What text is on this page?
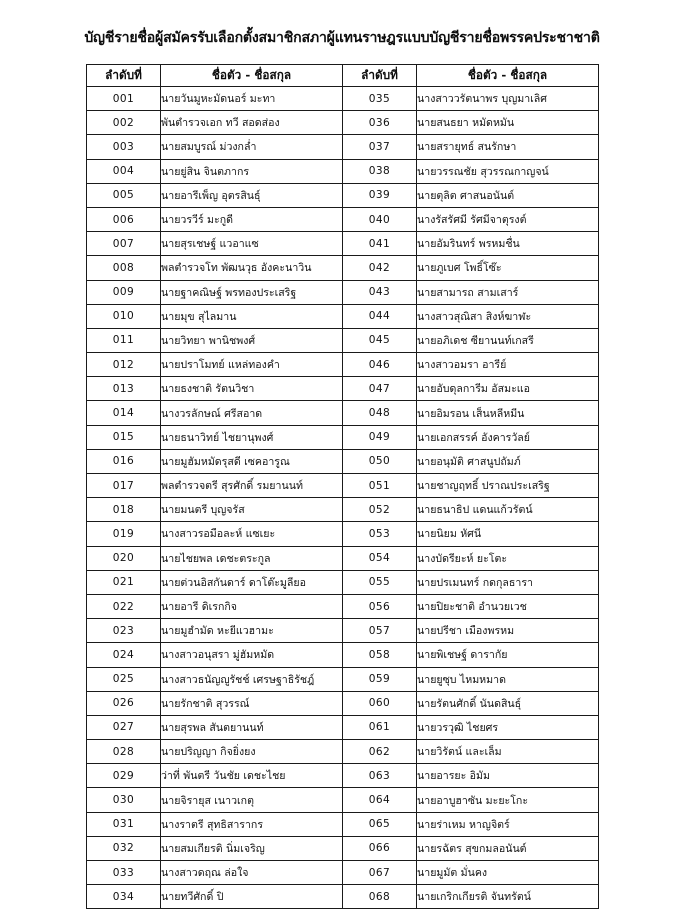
บัญชีรายชื่อผู้สมัครรับเลือกตั้งสมาชิกสภาผู้แทนราษฎรแบบบัญชีรายชื่อพรรคประชาชาติ
ลำดับที่	ชื่อตัว - ชื่อสกุล	ลำดับที่	ชื่อตัว - ชื่อสกุล
001	นายวันมูหะมัดนอร์ มะทา	035	นางสาววรัตนาพร บุญมาเลิศ
002	พันตำรวจเอก ทวี สอดส่อง	036	นายสนธยา หมัดหมัน
003	นายสมบูรณ์ ม่วงกล่ำ	037	นายสรายุทธ์ สนรักษา
004	นายยู่สิน จินตภากร	038	นายวรรณชัย สุวรรณกาญจน์
005	นายอารีเพ็ญ อุตรสินธุ์	039	นายตุลิต ศาสนอนันต์
006	นายวรวีร์ มะกูดี	040	นางรัสรัศมี รัศมีจาตุรงต์
007	นายสุรเชษฐ์ แวอาแซ	041	นายอัมรินทร์ พรหมชื่น
008	พลตำรวจโท พัฒนวุธ อังคะนาวิน	042	นายภูเบศ โพธิ์โซ๊ะ
009	นายฐาคณิษฐ์ พรทองประเสริฐ	043	นายสามารถ สามเสาร์
010	นายมุข สุไลมาน	044	นางสาวสุณิสา สิงห์ฆาฬะ
011	นายวิทยา พานิชพงศ์	045	นายอภิเดช ซียานนท์เกสรี
012	นายปราโมทย์ แหล่ทองคำ	046	นางสาวอมรา อารีย์
013	นายธงชาติ รัตนวิชา	047	นายอับดุลการีม อัสมะแอ
014	นางวรลักษณ์ ศรีสอาด	048	นายอิมรอน เส็นหลีหมีน
015	นายธนาวิทย์ ไชยานุพงศ์	049	นายเอกสรรค์ อังคารวัลย์
016	นายมูฮัมหมัดรุสดี เซคอารูณ	050	นายอนุมัติ ศาสนูปถัมภ์
017	พลตำรวจตรี สุรศักดิ์ รมยานนท์	051	นายชาญฤทธิ์ ปราณประเสริฐ
018	นายมนตรี บุญจรัส	052	นายธนาธิป แดนแก้วรัตน์
019	นางสาวรอมือละห์ แซเยะ	053	นายนิยม หัศนี
020	นายไชยพล เดชะตระกูล	054	นางบัดรียะห์ ยะโตะ
021	นายต่วนอิสกันดาร์ ดาโต๊ะมูลียอ	055	นายปรเมนทร์ กดกุลธารา
022	นายอารี ดิเรกกิจ	056	นายปิยะชาติ อำนวยเวช
023	นายมูฮำมัด หะยีแวฮามะ	057	นายปรีชา เมืองพรหม
024	นางสาวอนุสรา มู่ฮัมหมัด	058	นายพิเชษฐ์ ดารากัย
025	นางสาวธนัญญูรัชช์ เศรษฐาธิรัชฎ์	059	นายยูซุบ ไหมหมาด
026	นายรักชาติ สุวรรณ์	060	นายรัตนศักดิ์ นันดสินธุ์
027	นายสุรพล สันตยานนท์	061	นายวรวุฒิ ไชยศร
028	นายปริญญา กิจยิ่งยง	062	นายวิรัตน์ และเล็ม
029	ว่าที่ พันตรี วันชัย เดชะไชย	063	นายอารยะ อิมัม
030	นายจิรายุส เนาวเกตุ	064	นายอาบูฮาซัน มะยะโกะ
031	นางราตรี สุทธิสารากร	065	นายร่าเหม หาญจิตร์
032	นายสมเกียรติ นิ่มเจริญ	066	นายรฉัตร สุขกมลอนันต์
033	นางสาวดฤณ ล่อใจ	067	นายมูมัต มั่นคง
034	นายทวีศักดิ์ ปิ	068	นายเกริกเกียรติ จันทรัตน์
